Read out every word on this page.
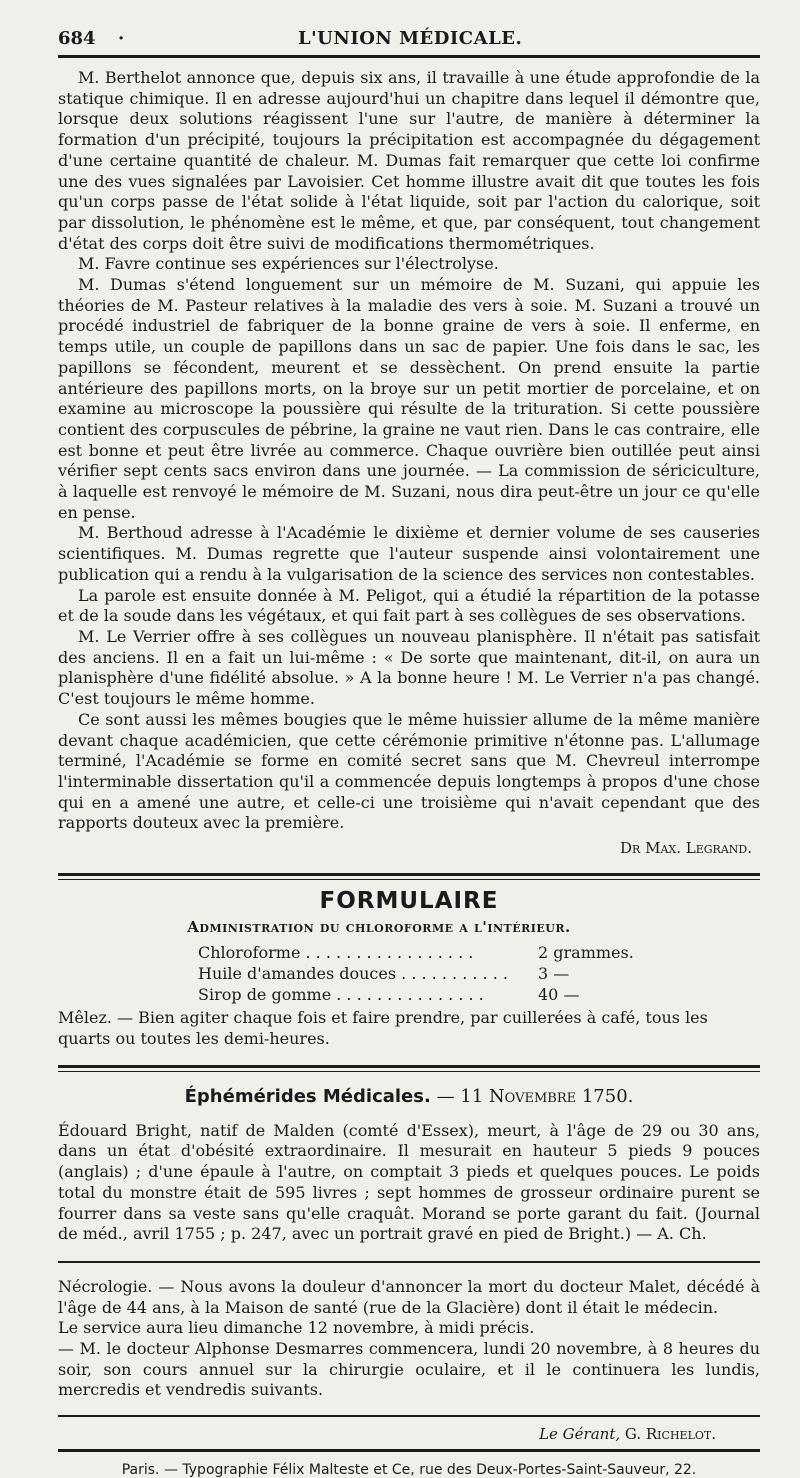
684	·	L'UNION MÉDICALE.

M. Berthelot annonce que, depuis six ans, il travaille à une étude approfondie de la statique chimique. Il en adresse aujourd'hui un chapitre dans lequel il démontre que, lorsque deux solutions réagissent l'une sur l'autre, de manière à déterminer la formation d'un précipité, toujours la précipitation est accompagnée du dégagement d'une certaine quantité de chaleur. M. Dumas fait remarquer que cette loi confirme une des vues signalées par Lavoisier. Cet homme illustre avait dit que toutes les fois qu'un corps passe de l'état solide à l'état liquide, soit par l'action du calorique, soit par dissolution, le phénomène est le même, et que, par conséquent, tout changement d'état des corps doit être suivi de modifications thermométriques.

M. Favre continue ses expériences sur l'électrolyse.

M. Dumas s'étend longuement sur un mémoire de M. Suzani, qui appuie les théories de M. Pasteur relatives à la maladie des vers à soie. M. Suzani a trouvé un procédé industriel de fabriquer de la bonne graine de vers à soie. Il enferme, en temps utile, un couple de papillons dans un sac de papier. Une fois dans le sac, les papillons se fécondent, meurent et se dessèchent. On prend ensuite la partie antérieure des papillons morts, on la broye sur un petit mortier de porcelaine, et on examine au microscope la poussière qui résulte de la trituration. Si cette poussière contient des corpuscules de pébrine, la graine ne vaut rien. Dans le cas contraire, elle est bonne et peut être livrée au commerce. Chaque ouvrière bien outillée peut ainsi vérifier sept cents sacs environ dans une journée. — La commission de sériciculture, à laquelle est renvoyé le mémoire de M. Suzani, nous dira peut-être un jour ce qu'elle en pense.

M. Berthoud adresse à l'Académie le dixième et dernier volume de ses causeries scientifiques. M. Dumas regrette que l'auteur suspende ainsi volontairement une publication qui a rendu à la vulgarisation de la science des services non contestables.

La parole est ensuite donnée à M. Peligot, qui a étudié la répartition de la potasse et de la soude dans les végétaux, et qui fait part à ses collègues de ses observations.

M. Le Verrier offre à ses collègues un nouveau planisphère. Il n'était pas satisfait des anciens. Il en a fait un lui-même : « De sorte que maintenant, dit-il, on aura un planisphère d'une fidélité absolue. » A la bonne heure ! M. Le Verrier n'a pas changé. C'est toujours le même homme.

Ce sont aussi les mêmes bougies que le même huissier allume de la même manière devant chaque académicien, que cette cérémonie primitive n'étonne pas. L'allumage terminé, l'Académie se forme en comité secret sans que M. Chevreul interrompe l'interminable dissertation qu'il a commencée depuis longtemps à propos d'une chose qui en a amené une autre, et celle-ci une troisième qui n'avait cependant que des rapports douteux avec la première.

Dr Max. Legrand.
FORMULAIRE
Administration du chloroforme a l'intérieur.
Chloroforme . . . . . . . . . . . . . . . . .	2 grammes.
Huile d'amandes douces . . . . . . . . . . .	3 —
Sirop de gomme . . . . . . . . . . . . . . .	40 —

Mêlez. — Bien agiter chaque fois et faire prendre, par cuillerées à café, tous les quarts ou toutes les demi-heures.

Éphémérides Médicales. — 11 Novembre 1750.

Édouard Bright, natif de Malden (comté d'Essex), meurt, à l'âge de 29 ou 30 ans, dans un état d'obésité extraordinaire. Il mesurait en hauteur 5 pieds 9 pouces (anglais) ; d'une épaule à l'autre, on comptait 3 pieds et quelques pouces. Le poids total du monstre était de 595 livres ; sept hommes de grosseur ordinaire purent se fourrer dans sa veste sans qu'elle craquât. Morand se porte garant du fait. (Journal de méd., avril 1755 ; p. 247, avec un portrait gravé en pied de Bright.) — A. Ch.

Nécrologie. — Nous avons la douleur d'annoncer la mort du docteur Malet, décédé à l'âge de 44 ans, à la Maison de santé (rue de la Glacière) dont il était le médecin.

Le service aura lieu dimanche 12 novembre, à midi précis.

— M. le docteur Alphonse Desmarres commencera, lundi 20 novembre, à 8 heures du soir, son cours annuel sur la chirurgie oculaire, et il le continuera les lundis, mercredis et vendredis suivants.

Le Gérant, G. Richelot.
Paris. — Typographie Félix Malteste et Ce, rue des Deux-Portes-Saint-Sauveur, 22.
